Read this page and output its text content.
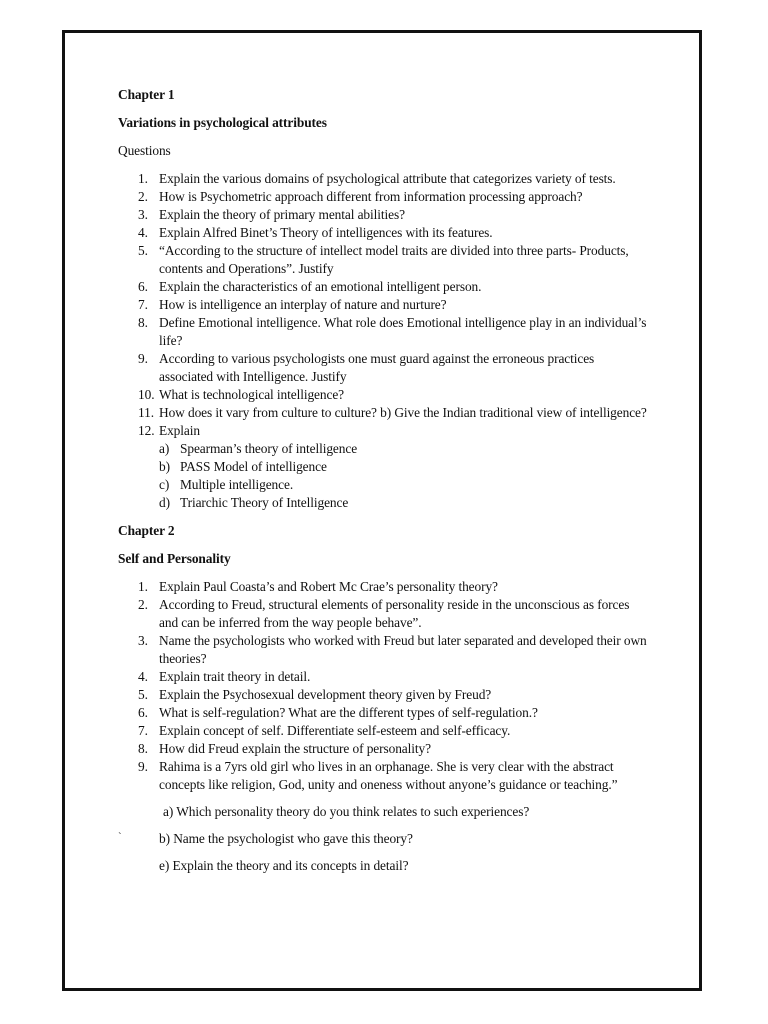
Chapter 1

Variations in psychological attributes

Questions

1. Explain the various domains of psychological attribute that categorizes variety of tests.
2. How is Psychometric approach different from information processing approach?
3. Explain the theory of primary mental abilities?
4. Explain Alfred Binet’s Theory of intelligences with its features.
5. “According to the structure of intellect model traits are divided into three parts- Products, contents and Operations”. Justify
6. Explain the characteristics of an emotional intelligent person.
7. How is intelligence an interplay of nature and nurture?
8. Define Emotional intelligence. What role does Emotional intelligence play in an individual’s life?
9. According to various psychologists one must guard against the erroneous practices associated with Intelligence. Justify
10. What is technological intelligence?
11. How does it vary from culture to culture? b) Give the Indian traditional view of intelligence?
12. Explain
a) Spearman’s theory of intelligence
b) PASS Model of intelligence
c) Multiple intelligence.
d) Triarchic Theory of Intelligence

Chapter 2

Self and Personality

1. Explain Paul Coasta’s and Robert Mc Crae’s personality theory?
2. According to Freud, structural elements of personality reside in the unconscious as forces and can be inferred from the way people behave”.
3. Name the psychologists who worked with Freud but later separated and developed their own theories?
4. Explain trait theory in detail.
5. Explain the Psychosexual development theory given by Freud?
6. What is self-regulation? What are the different types of self-regulation.?
7. Explain concept of self. Differentiate self-esteem and self-efficacy.
8. How did Freud explain the structure of personality?
9. Rahima is a 7yrs old girl who lives in an orphanage. She is very clear with the abstract concepts like religion, God, unity and oneness without anyone’s guidance or teaching.”
a) Which personality theory do you think relates to such experiences?
`	b) Name the psychologist who gave this theory?
e) Explain the theory and its concepts in detail?
